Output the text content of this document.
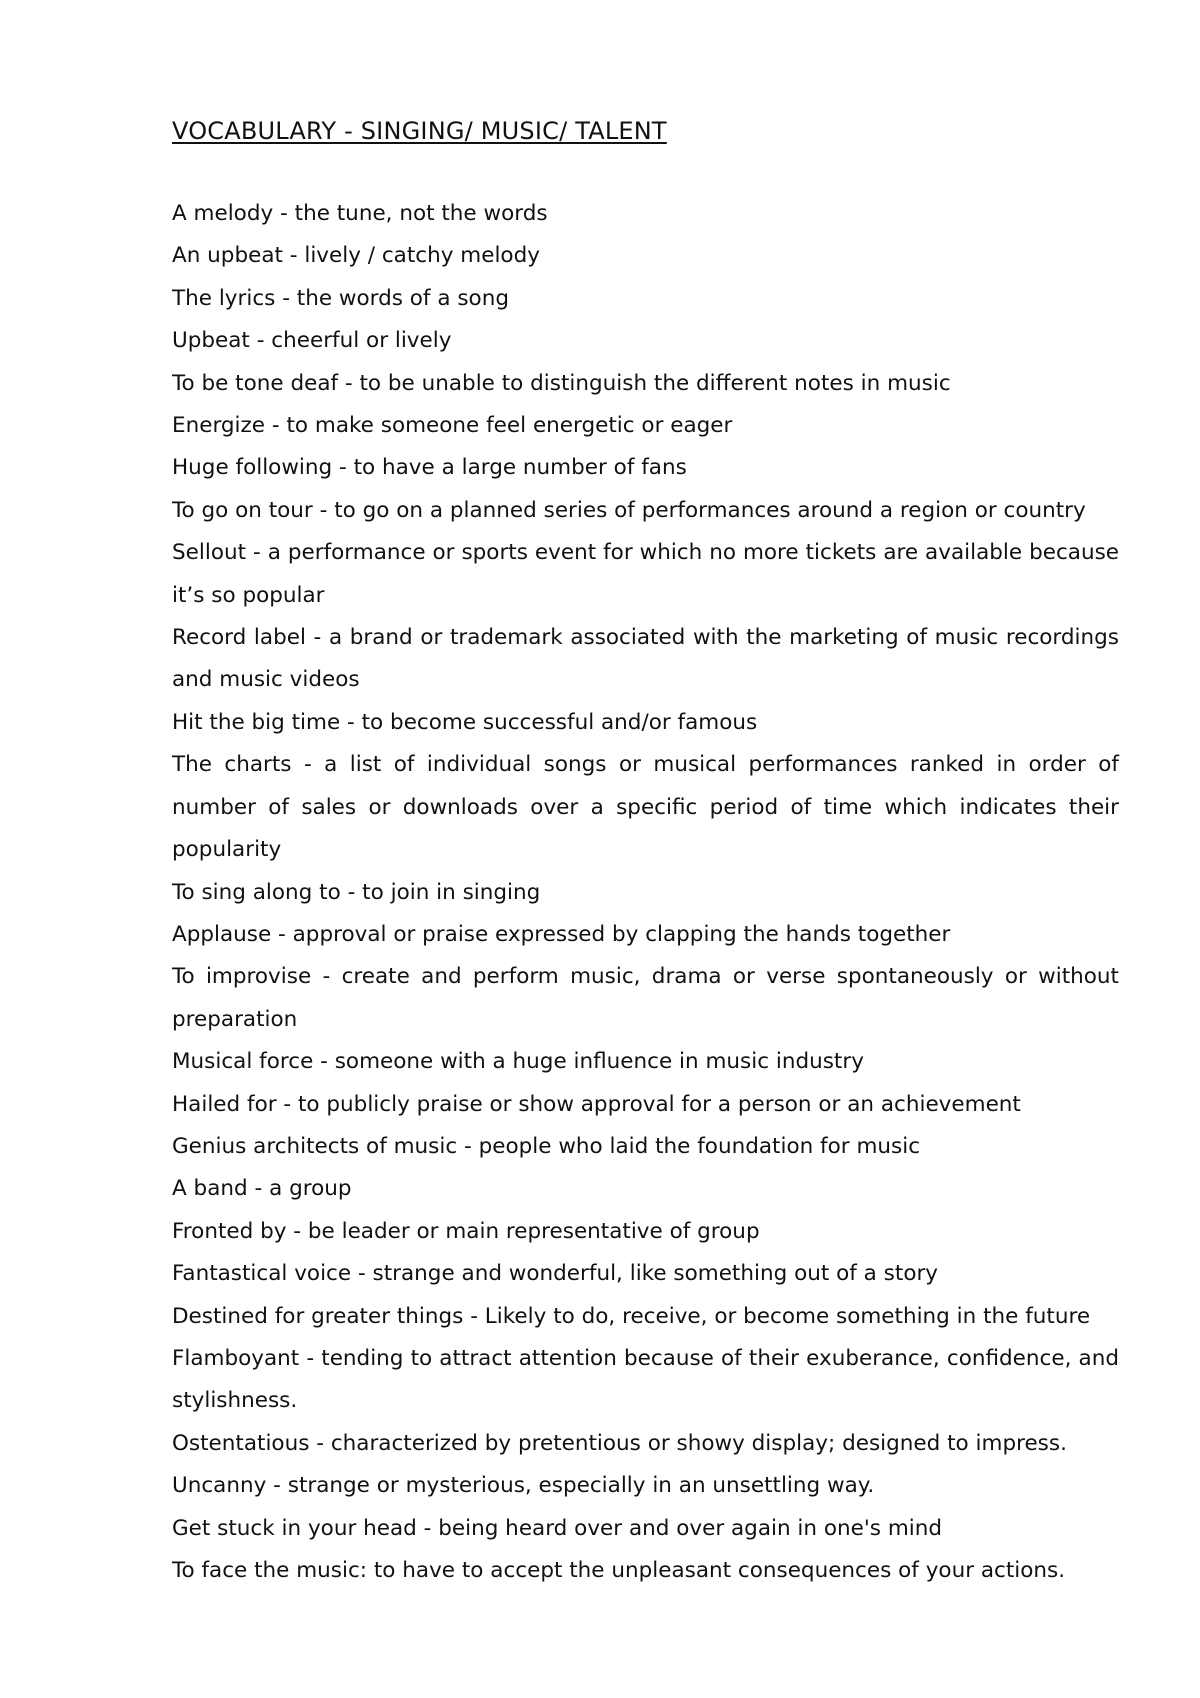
VOCABULARY - SINGING/ MUSIC/ TALENT
A melody - the tune, not the words
An upbeat - lively / catchy melody
The lyrics - the words of a song
Upbeat - cheerful or lively
To be tone deaf - to be unable to distinguish the different notes in music
Energize - to make someone feel energetic or eager
Huge following - to have a large number of fans
To go on tour - to go on a planned series of performances around a region or country
Sellout - a performance or sports event for which no more tickets are available because it’s so popular
Record label - a brand or trademark associated with the marketing of music recordings and music videos
Hit the big time - to become successful and/or famous
The charts - a list of individual songs or musical performances ranked in order of number of sales or downloads over a specific period of time which indicates their popularity
To sing along to - to join in singing
Applause - approval or praise expressed by clapping the hands together
To improvise - create and perform music, drama or verse spontaneously or without preparation
Musical force - someone with a huge influence in music industry
Hailed for - to publicly praise or show approval for a person or an achievement
Genius architects of music - people who laid the foundation for music
A band - a group
Fronted by - be leader or main representative of group
Fantastical voice - strange and wonderful, like something out of a story
Destined for greater things - Likely to do, receive, or become something in the future
Flamboyant - tending to attract attention because of their exuberance, confidence, and stylishness.
Ostentatious - characterized by pretentious or showy display; designed to impress.
Uncanny - strange or mysterious, especially in an unsettling way.
Get stuck in your head - being heard over and over again in one's mind
To face the music: to have to accept the unpleasant consequences of your actions.
